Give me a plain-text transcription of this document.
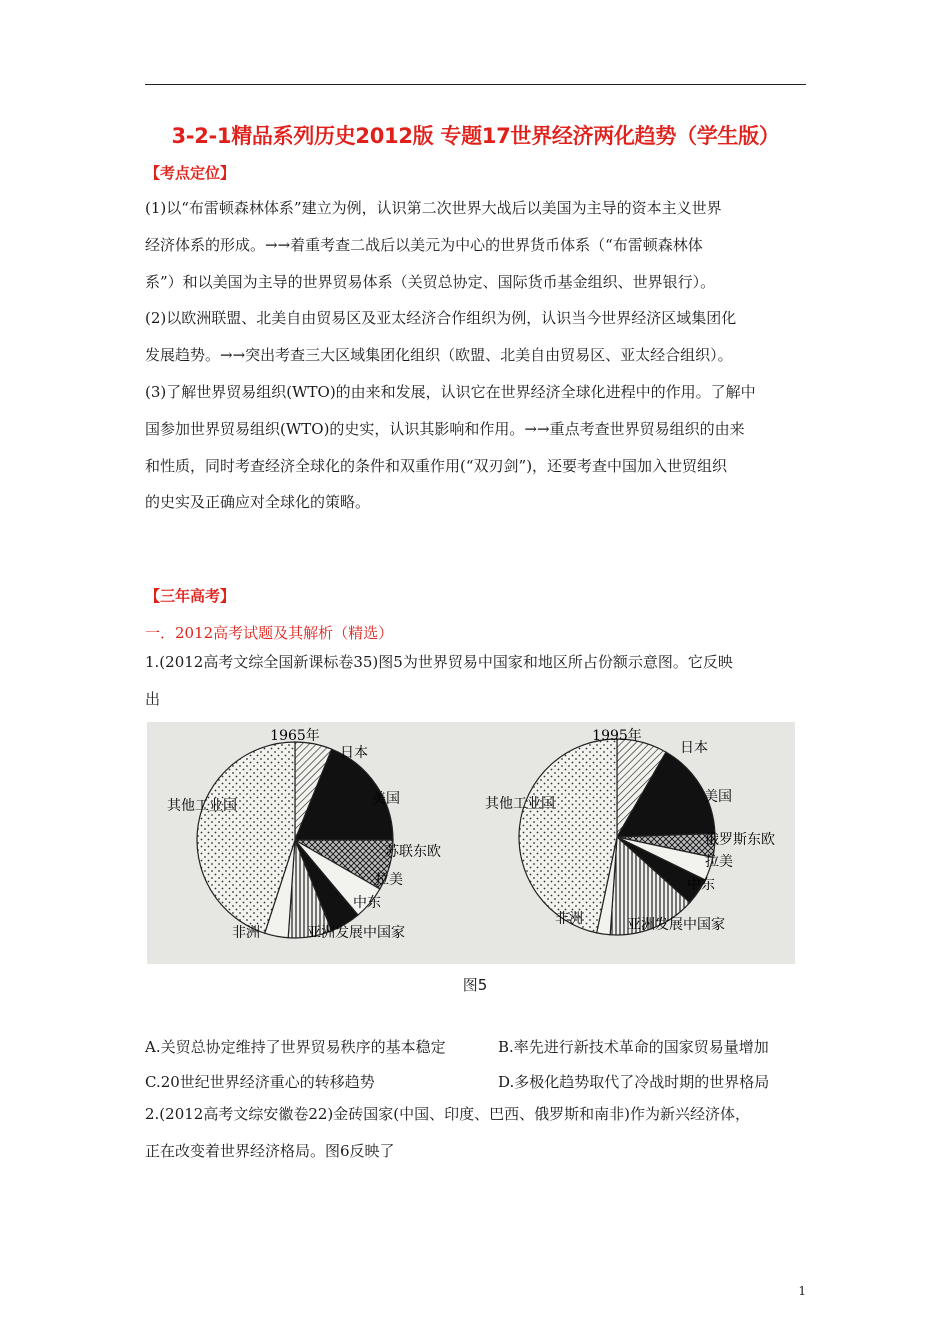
3-2-1精品系列历史2012版 专题17世界经济两化趋势（学生版）
【考点定位】
(1)以“布雷顿森林体系”建立为例，认识第二次世界大战后以美国为主导的资本主义世界
经济体系的形成。→→着重考查二战后以美元为中心的世界货币体系（“布雷顿森林体
系”）和以美国为主导的世界贸易体系（关贸总协定、国际货币基金组织、世界银行）。
(2)以欧洲联盟、北美自由贸易区及亚太经济合作组织为例，认识当今世界经济区域集团化
发展趋势。→→突出考查三大区域集团化组织（欧盟、北美自由贸易区、亚太经合组织）。
(3)了解世界贸易组织(WTO)的由来和发展，认识它在世界经济全球化进程中的作用。了解中
国参加世界贸易组织(WTO)的史实，认识其影响和作用。→→重点考查世界贸易组织的由来
和性质，同时考查经济全球化的条件和双重作用(“双刃剑”)，还要考查中国加入世贸组织
的史实及正确应对全球化的策略。
【三年高考】
一．2012高考试题及其解析（精选）
1.(2012高考文综全国新课标卷35)图5为世界贸易中国家和地区所占份额示意图。它反映
出
1965年
日本
美国
苏联东欧
拉美
中东
非洲	亚洲发展中国家
其他工业国
1995年
日本
美国
俄罗斯东欧
拉美
中东
非洲	亚洲发展中国家
其他工业国
图5
A.关贸总协定维持了世界贸易秩序的基本稳定	B.率先进行新技术革命的国家贸易量增加
C.20世纪世界经济重心的转移趋势	D.多极化趋势取代了冷战时期的世界格局
2.(2012高考文综安徽卷22)金砖国家(中国、印度、巴西、俄罗斯和南非)作为新兴经济体，
正在改变着世界经济格局。图6反映了
1
